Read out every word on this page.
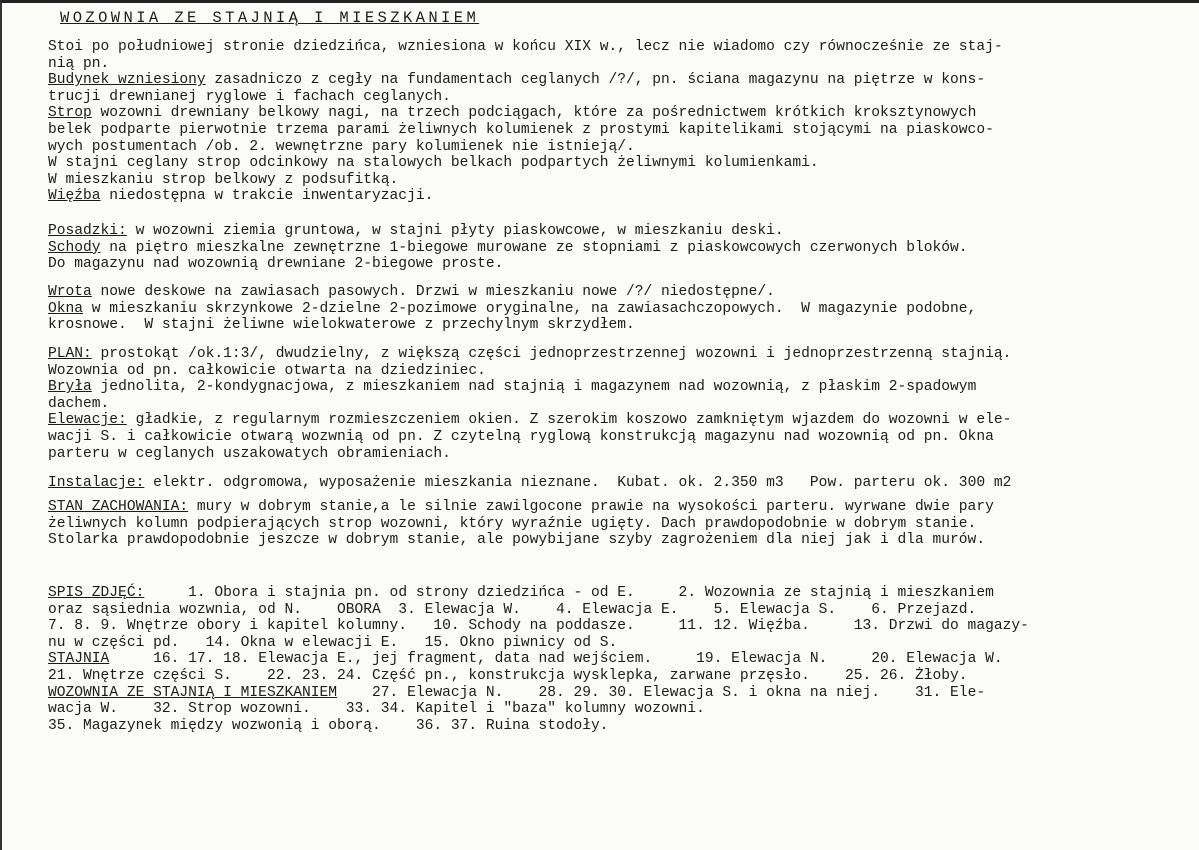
WOZOWNIA ZE STAJNIĄ I MIESZKANIEM
Stoi po południowej stronie dziedzińca, wzniesiona w końcu XIX w., lecz nie wiadomo czy równocześnie ze staj-
nią pn.
Budynek wzniesiony zasadniczo z cegły na fundamentach ceglanych /?/, pn. ściana magazynu na piętrze w kons-
trucji drewnianej ryglowe i fachach ceglanych.
Strop wozowni drewniany belkowy nagi, na trzech podciągach, które za pośrednictwem krótkich kroksztynowych
belek podparte pierwotnie trzema parami żeliwnych kolumienek z prostymi kapitelikami stojącymi na piaskowco-
wych postumentach /ob. 2. wewnętrzne pary kolumienek nie istnieją/.
W stajni ceglany strop odcinkowy na stalowych belkach podpartych żeliwnymi kolumienkami.
W mieszkaniu strop belkowy z podsufitką.
Więźba niedostępna w trakcie inwentaryzacji.
Posadzki: w wozowni ziemia gruntowa, w stajni płyty piaskowcowe, w mieszkaniu deski.
Schody na piętro mieszkalne zewnętrzne 1-biegowe murowane ze stopniami z piaskowcowych czerwonych bloków.
Do magazynu nad wozownią drewniane 2-biegowe proste.
Wrota nowe deskowe na zawiasach pasowych. Drzwi w mieszkaniu nowe /?/ niedostępne/.
Okna w mieszkaniu skrzynkowe 2-dzielne 2-pozimowe oryginalne, na zawiasachczopowych.  W magazynie podobne,
krosnowe.  W stajni żeliwne wielokwaterowe z przechylnym skrzydłem.
PLAN: prostokąt /ok.1:3/, dwudzielny, z większą części jednoprzestrzennej wozowni i jednoprzestrzenną stajnią.
Wozownia od pn. całkowicie otwarta na dziedziniec.
Bryła jednolita, 2-kondygnacjowa, z mieszkaniem nad stajnią i magazynem nad wozownią, z płaskim 2-spadowym
dachem.
Elewacje: gładkie, z regularnym rozmieszczeniem okien. Z szerokim koszowo zamkniętym wjazdem do wozowni w ele-
wacji S. i całkowicie otwarą wozwnią od pn. Z czytelną ryglową konstrukcją magazynu nad wozownią od pn. Okna
parteru w ceglanych uszakowatych obramieniach.
Instalacje: elektr. odgromowa, wyposażenie mieszkania nieznane.  Kubat. ok. 2.350 m3   Pow. parteru ok. 300 m2
STAN ZACHOWANIA: mury w dobrym stanie,a le silnie zawilgocone prawie na wysokości parteru. wyrwane dwie pary
żeliwnych kolumn podpierających strop wozowni, który wyraźnie ugięty. Dach prawdopodobnie w dobrym stanie.
Stolarka prawdopodobnie jeszcze w dobrym stanie, ale powybijane szyby zagrożeniem dla niej jak i dla murów.
SPIS ZDJĘĆ:     1. Obora i stajnia pn. od strony dziedzińca - od E.     2. Wozownia ze stajnią i mieszkaniem
oraz sąsiednia wozwnia, od N.    OBORA  3. Elewacja W.    4. Elewacja E.    5. Elewacja S.    6. Przejazd.
7. 8. 9. Wnętrze obory i kapitel kolumny.   10. Schody na poddasze.     11. 12. Więźba.     13. Drzwi do magazy-
nu w części pd.   14. Okna w elewacji E.   15. Okno piwnicy od S.
STAJNIA     16. 17. 18. Elewacja E., jej fragment, data nad wejściem.     19. Elewacja N.     20. Elewacja W.
21. Wnętrze części S.    22. 23. 24. Część pn., konstrukcja wysklepka, zarwane przęsło.    25. 26. Żłoby.
WOZOWNIA ZE STAJNIĄ I MIESZKANIEM    27. Elewacja N.    28. 29. 30. Elewacja S. i okna na niej.    31. Ele-
wacja W.    32. Strop wozowni.    33. 34. Kapitel i "baza" kolumny wozowni.
35. Magazynek między wozwonią i oborą.    36. 37. Ruina stodoły.
